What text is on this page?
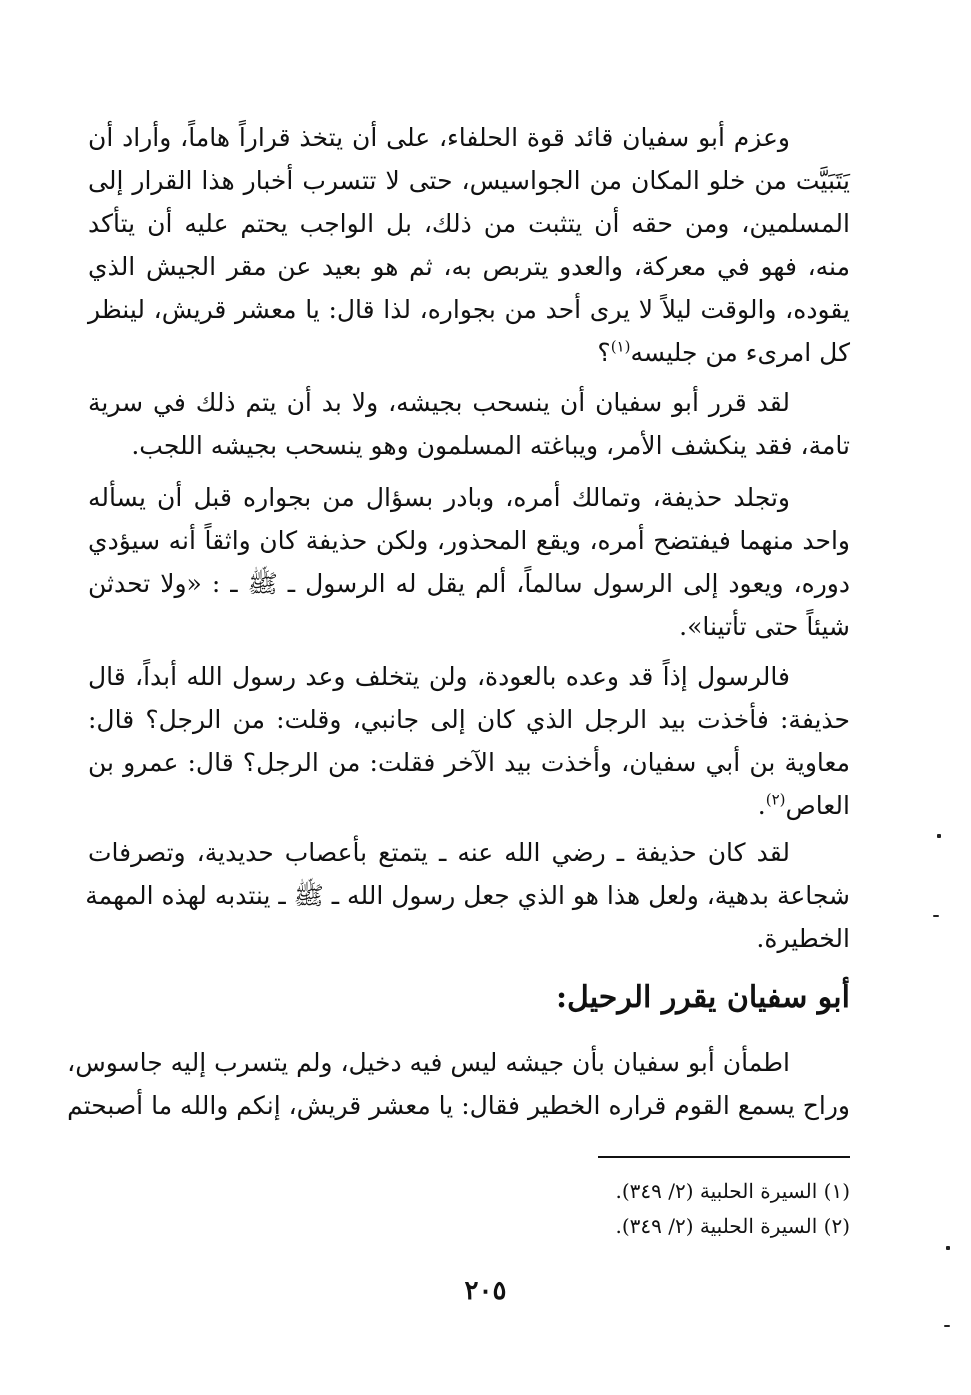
وعزم أبو سفيان قائد قوة الحلفاء، على أن يتخذ قراراً هاماً، وأراد أن
يَتَبَيَّت من خلو المكان من الجواسيس، حتى لا تتسرب أخبار هذا القرار إلى
المسلمين، ومن حقه أن يتثبت من ذلك، بل الواجب يحتم عليه أن يتأكد
منه، فهو في معركة، والعدو يتربص به، ثم هو بعيد عن مقر الجيش الذي
يقوده، والوقت ليلاً لا يرى أحد من بجواره، لذا قال: يا معشر قريش، لينظر
كل امرىء من جليسه$^{(١)}$؟
لقد قرر أبو سفيان أن ينسحب بجيشه، ولا بد أن يتم ذلك في سرية
تامة، فقد ينكشف الأمر، ويباغته المسلمون وهو ينسحب بجيشه اللجب.
وتجلد حذيفة، وتمالك أمره، وبادر بسؤال من بجواره قبل أن يسأله
واحد منهما فيفتضح أمره، ويقع المحذور، ولكن حذيفة كان واثقاً أنه سيؤدي
دوره، ويعود إلى الرسول سالماً، ألم يقل له الرسول ـ ﷺ ـ : «ولا تحدثن
شيئاً حتى تأتينا».
فالرسول إذاً قد وعده بالعودة، ولن يتخلف وعد رسول الله أبداً، قال
حذيفة: فأخذت بيد الرجل الذي كان إلى جانبي، وقلت: من الرجل؟ قال:
معاوية بن أبي سفيان، وأخذت بيد الآخر فقلت: من الرجل؟ قال: عمرو بن
العاص$^{(٢)}$.
لقد كان حذيفة ـ رضي الله عنه ـ يتمتع بأعصاب حديدية، وتصرفات
شجاعة بدهية، ولعل هذا هو الذي جعل رسول الله ـ ﷺ ـ ينتدبه لهذه المهمة
الخطيرة.
أبو سفيان يقرر الرحيل:
اطمأن أبو سفيان بأن جيشه ليس فيه دخيل، ولم يتسرب إليه جاسوس،
وراح يسمع القوم قراره الخطير فقال: يا معشر قريش، إنكم والله ما أصبحتم
(١) السيرة الحلبية (٢/ ٣٤٩).
(٢) السيرة الحلبية (٢/ ٣٤٩).
٢٠٥
